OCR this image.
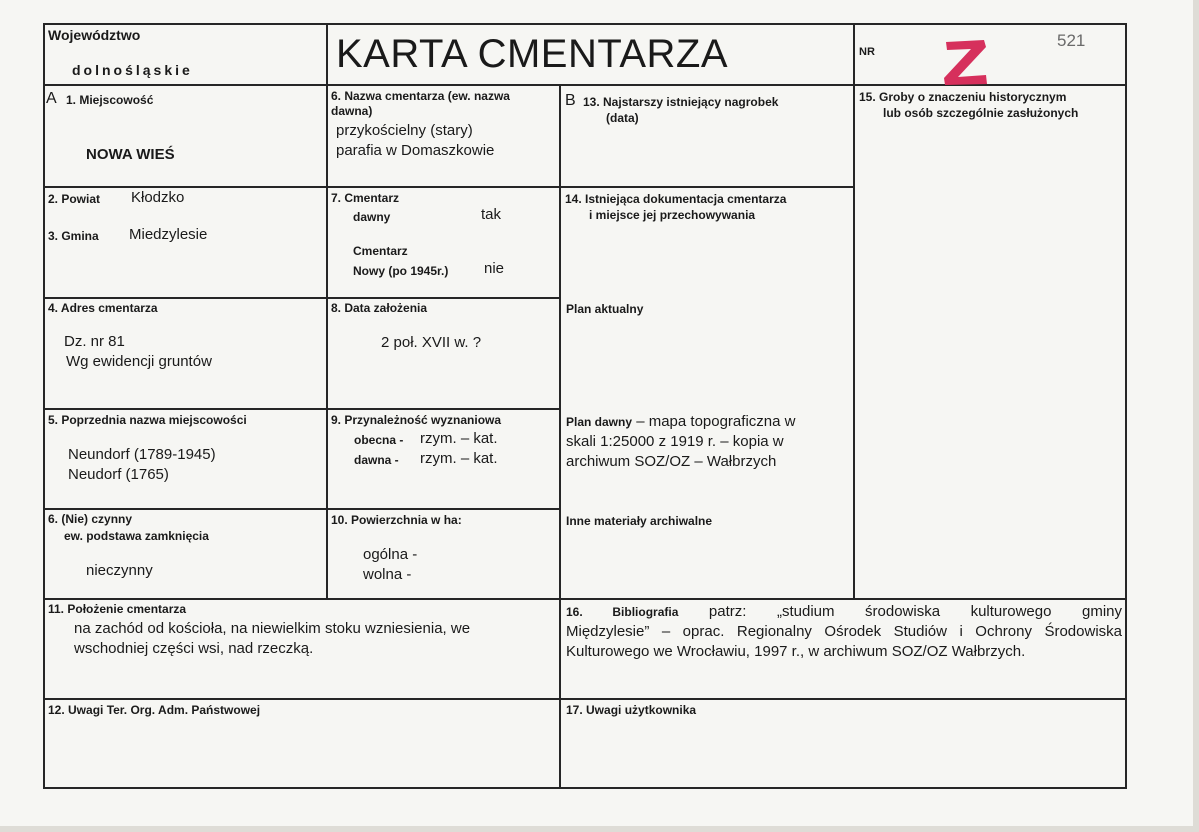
Województwo
dolnośląskie	KARTA CMENTARZA	NR
521
A 1. Miejscowość
NOWA WIEŚ
6. Nazwa cmentarza (ew. nazwa
dawna)
przykościelny (stary)
parafia w Domaszkowie
B 13. Najstarszy istniejący nagrobek
(data)
15. Groby o znaczeniu historycznym
lub osób szczególnie zasłużonych
2. Powiat Kłodzko
3. Gmina Miedzylesie
7. Cmentarz
dawny	tak
Cmentarz
Nowy (po 1945r.) nie
14. Istniejąca dokumentacja cmentarza
i miejsce jej przechowywania
4. Adres cmentarza
Dz. nr 81
Wg ewidencji gruntów
8. Data założenia
2 poł. XVII w. ?
Plan aktualny
5. Poprzednia nazwa miejscowości
Neundorf (1789-1945)
Neudorf (1765)
9. Przynależność wyznaniowa
obecna - rzym. – kat.
dawna - rzym. – kat.
Plan dawny – mapa topograficzna w
skali 1:25000 z 1919 r. – kopia w
archiwum SOZ/OZ – Wałbrzych
6. (Nie) czynny
ew. podstawa zamknięcia
nieczynny
10. Powierzchnia w ha:
ogólna -
wolna -
Inne materiały archiwalne
11. Położenie cmentarza
na zachód od kościoła, na niewielkim stoku wzniesienia, we wschodniej części wsi, nad rzeczką.
16. Bibliografia patrz: „studium środowiska kulturowego gminy
Międzylesie” – oprac. Regionalny Ośrodek Studiów i Ochrony Środowiska Kulturowego we Wrocławiu, 1997 r., w archiwum SOZ/OZ Wałbrzych.
12. Uwagi Ter. Org. Adm. Państwowej	17. Uwagi użytkownika
